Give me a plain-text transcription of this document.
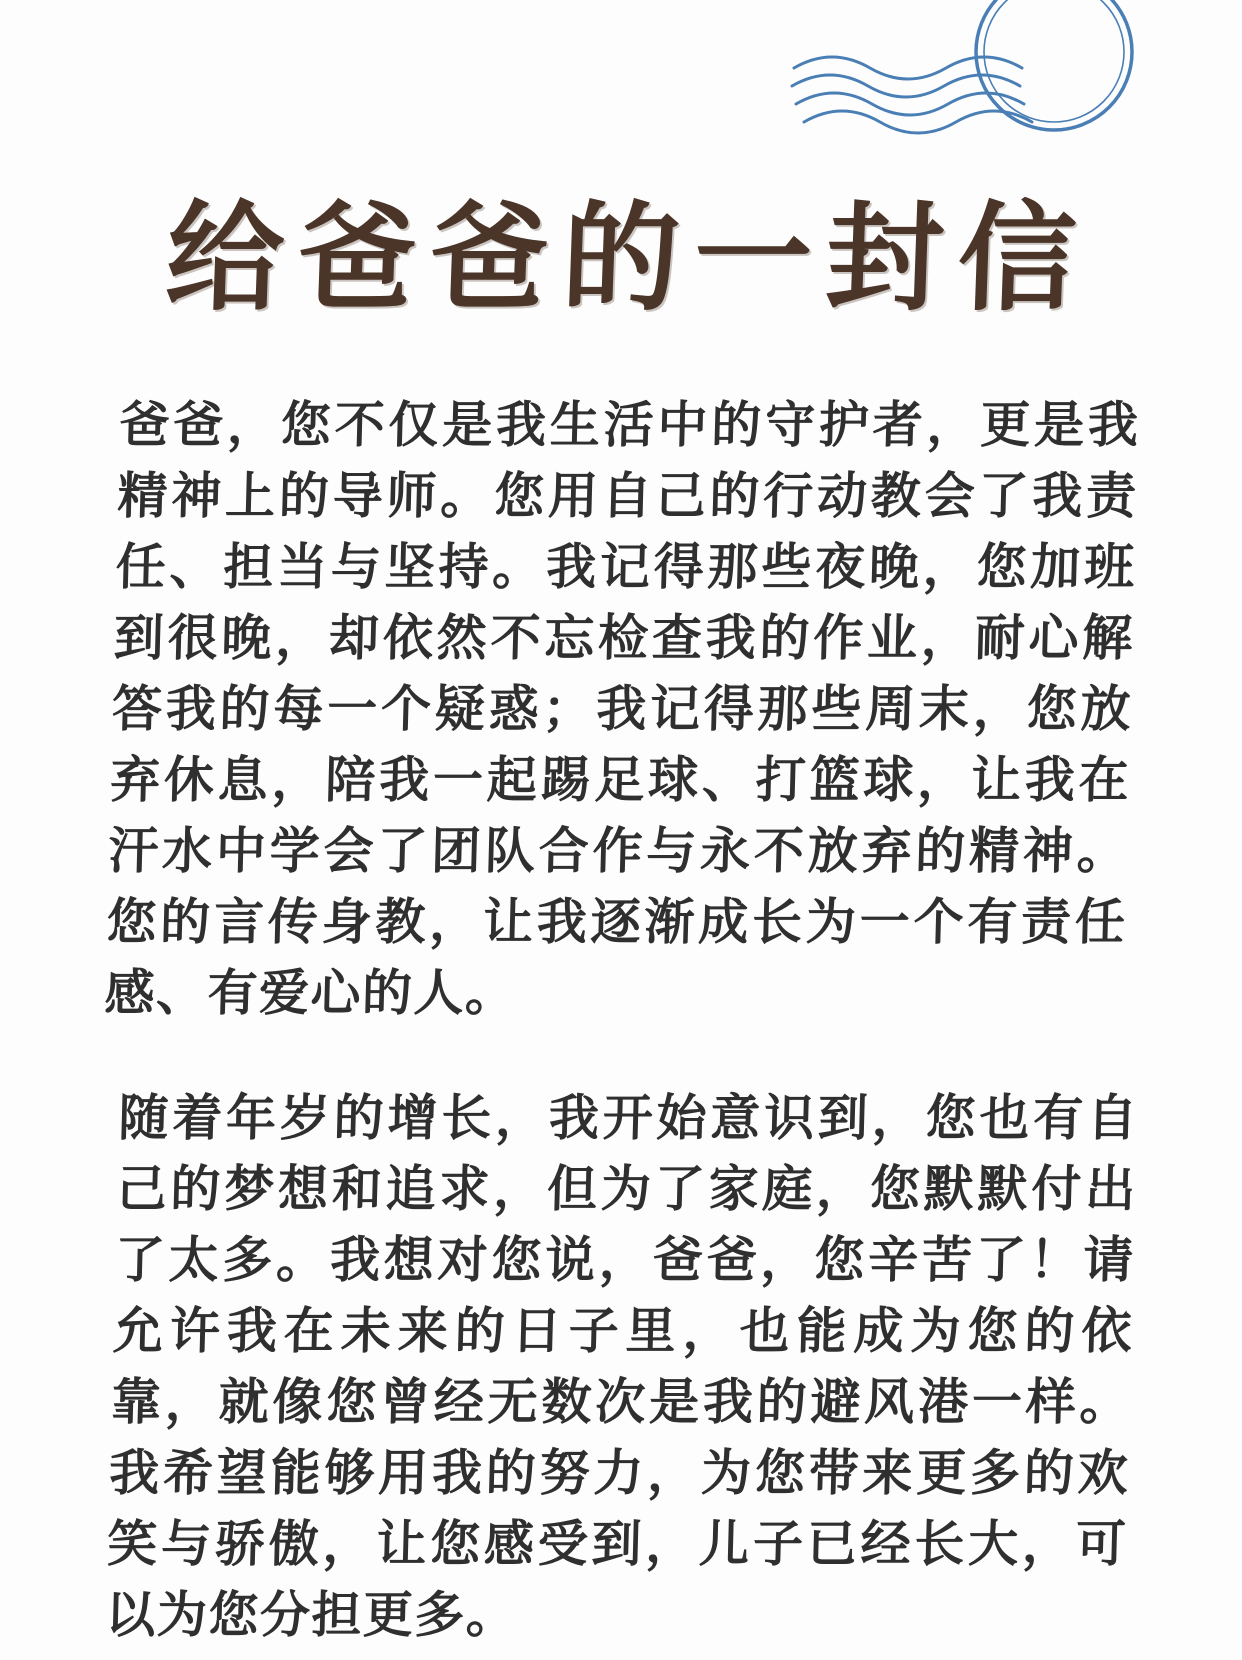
给爸爸的一封信

爸爸，您不仅是我生活中的守护者，更是我精神上的导师。您用自己的行动教会了我责任、担当与坚持。我记得那些夜晚，您加班到很晚，却依然不忘检查我的作业，耐心解答我的每一个疑惑；我记得那些周末，您放弃休息，陪我一起踢足球、打篮球，让我在汗水中学会了团队合作与永不放弃的精神。您的言传身教，让我逐渐成长为一个有责任感、有爱心的人。

随着年岁的增长，我开始意识到，您也有自己的梦想和追求，但为了家庭，您默默付出了太多。我想对您说，爸爸，您辛苦了！请允许我在未来的日子里，也能成为您的依靠，就像您曾经无数次是我的避风港一样。我希望能够用我的努力，为您带来更多的欢笑与骄傲，让您感受到，儿子已经长大，可以为您分担更多。
